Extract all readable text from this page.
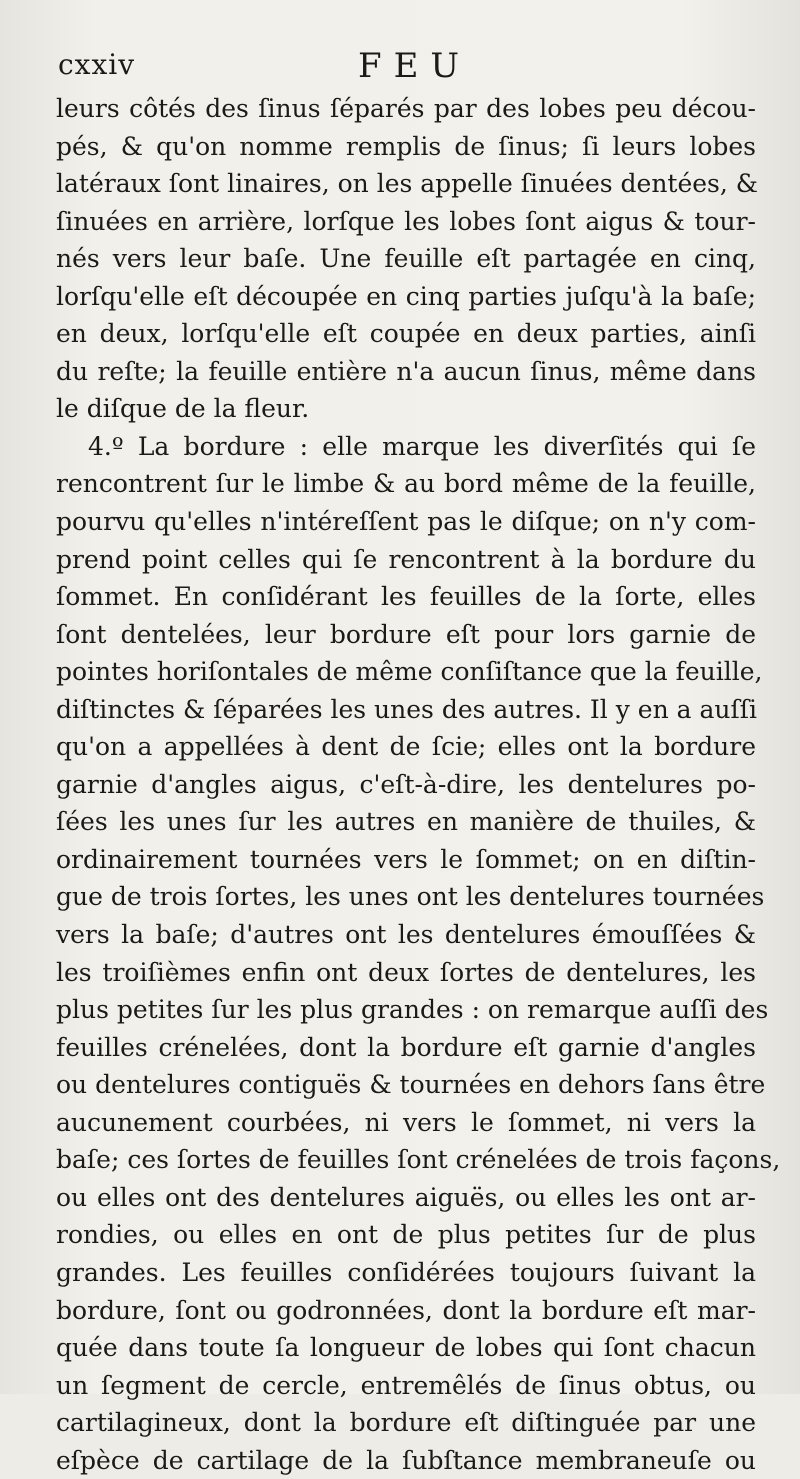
cxxiv	FEU
leurs côtés des ſinus ſéparés par des lobes peu décou-
pés, & qu'on nomme remplis de ſinus; ſi leurs lobes
latéraux ſont linaires, on les appelle ſinuées dentées, &
ſinuées en arrière, lorſque les lobes ſont aigus & tour-
nés vers leur baſe. Une feuille eſt partagée en cinq,
lorſqu'elle eſt découpée en cinq parties juſqu'à la baſe;
en deux, lorſqu'elle eſt coupée en deux parties, ainſi
du reſte; la feuille entière n'a aucun ſinus, même dans
le diſque de la fleur.
4.º La bordure : elle marque les diverſités qui ſe
rencontrent ſur le limbe & au bord même de la feuille,
pourvu qu'elles n'intéreſſent pas le diſque; on n'y com-
prend point celles qui ſe rencontrent à la bordure du
ſommet. En conſidérant les feuilles de la ſorte, elles
ſont dentelées, leur bordure eſt pour lors garnie de
pointes horiſontales de même conſiſtance que la feuille,
diſtinctes & ſéparées les unes des autres. Il y en a auſſi
qu'on a appellées à dent de ſcie; elles ont la bordure
garnie d'angles aigus, c'eſt-à-dire, les dentelures po-
ſées les unes ſur les autres en manière de thuiles, &
ordinairement tournées vers le ſommet; on en diſtin-
gue de trois ſortes, les unes ont les dentelures tournées
vers la baſe; d'autres ont les dentelures émouſſées &
les troiſièmes enfin ont deux ſortes de dentelures, les
plus petites ſur les plus grandes : on remarque auſſi des
feuilles crénelées, dont la bordure eſt garnie d'angles
ou dentelures contiguës & tournées en dehors ſans être
aucunement courbées, ni vers le ſommet, ni vers la
baſe; ces ſortes de feuilles ſont crénelées de trois façons,
ou elles ont des dentelures aiguës, ou elles les ont ar-
rondies, ou elles en ont de plus petites ſur de plus
grandes. Les feuilles conſidérées toujours ſuivant la
bordure, ſont ou godronnées, dont la bordure eſt mar-
quée dans toute ſa longueur de lobes qui ſont chacun
un ſegment de cercle, entremêlés de ſinus obtus, ou
cartilagineux, dont la bordure eſt diſtinguée par une
eſpèce de cartilage de la ſubſtance membraneuſe ou
